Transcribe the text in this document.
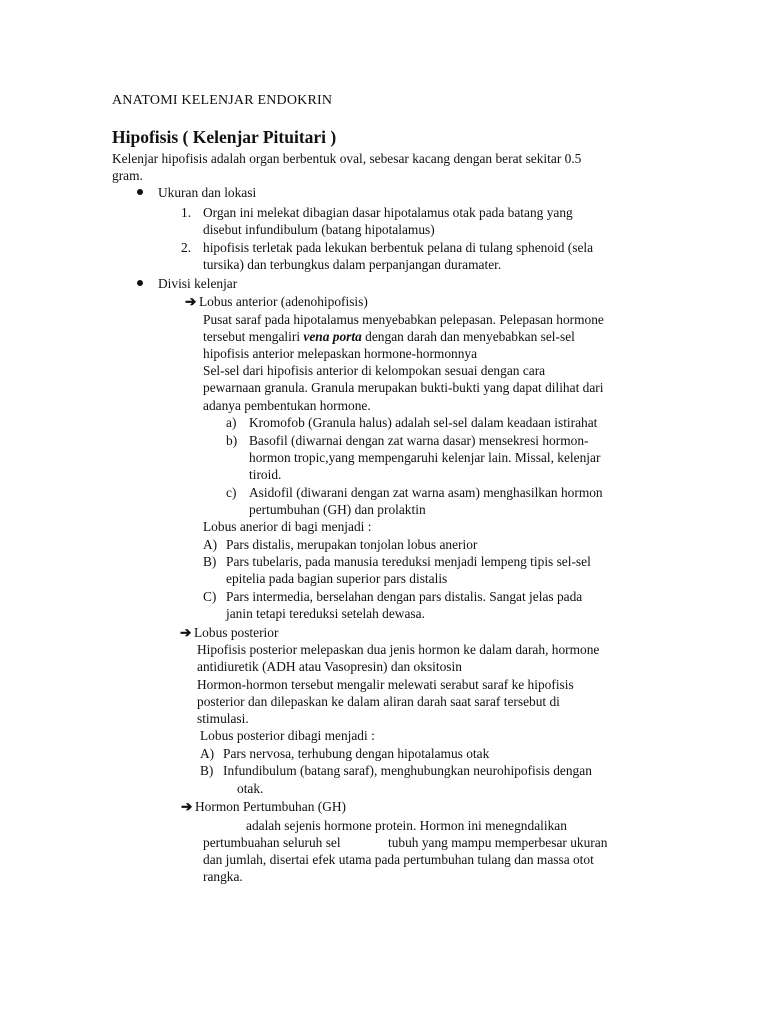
ANATOMI KELENJAR ENDOKRIN
Hipofisis ( Kelenjar Pituitari )
Kelenjar hipofisis adalah organ berbentuk oval, sebesar kacang dengan berat sekitar 0.5
gram.
Ukuran dan lokasi
1. Organ ini melekat dibagian dasar hipotalamus otak pada batang yang
disebut infundibulum (batang hipotalamus)
2. hipofisis terletak pada lekukan berbentuk pelana di tulang sphenoid (sela
tursika) dan terbungkus dalam perpanjangan duramater.
Divisi kelenjar
➔ Lobus anterior (adenohipofisis)
Pusat saraf pada hipotalamus menyebabkan pelepasan. Pelepasan hormone
tersebut mengaliri vena porta dengan darah dan menyebabkan sel-sel
hipofisis anterior melepaskan hormone-hormonnya
Sel-sel dari hipofisis anterior di kelompokan sesuai dengan cara
pewarnaan granula. Granula merupakan bukti-bukti yang dapat dilihat dari
adanya pembentukan hormone.
a) Kromofob (Granula halus) adalah sel-sel dalam keadaan istirahat
b) Basofil (diwarnai dengan zat warna dasar) mensekresi hormon-
hormon tropic,yang mempengaruhi kelenjar lain. Missal, kelenjar
tiroid.
c) Asidofil (diwarani dengan zat warna asam) menghasilkan hormon
pertumbuhan (GH) dan prolaktin
Lobus anerior di bagi menjadi :
A) Pars distalis, merupakan tonjolan lobus anerior
B) Pars tubelaris, pada manusia tereduksi menjadi lempeng tipis sel-sel
epitelia pada bagian superior pars distalis
C) Pars intermedia, berselahan dengan pars distalis. Sangat jelas pada
janin tetapi tereduksi setelah dewasa.
➔ Lobus posterior
Hipofisis posterior melepaskan dua jenis hormon ke dalam darah, hormone
antidiuretik (ADH atau Vasopresin) dan oksitosin
Hormon-hormon tersebut mengalir melewati serabut saraf ke hipofisis
posterior dan dilepaskan ke dalam aliran darah saat saraf tersebut di
stimulasi.
Lobus posterior dibagi menjadi :
A) Pars nervosa, terhubung dengan hipotalamus otak
B) Infundibulum (batang saraf), menghubungkan neurohipofisis dengan
otak.
➔ Hormon Pertumbuhan (GH)
adalah sejenis hormone protein. Hormon ini menegndalikan
pertumbuahan seluruh sel	tubuh yang mampu memperbesar ukuran
dan jumlah, disertai efek utama pada pertumbuhan tulang dan massa otot
rangka.
